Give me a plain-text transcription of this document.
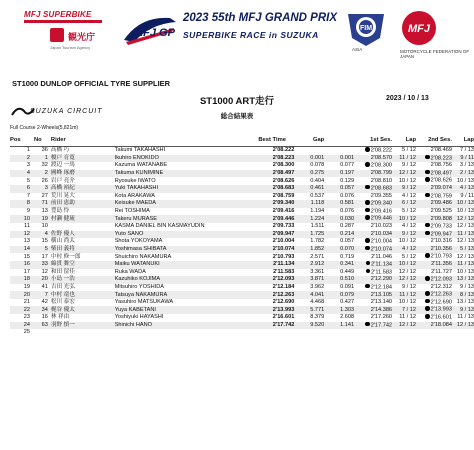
MFJ SUPERBIKE
観光庁
Japan Tourism Agency
MFJ GP
2023 55th MFJ GRAND PRIX
SUPERBIKE RACE in SUZUKA
FIM
ASIA
MFJ
MOTORCYCLE FEDERATION OF JAPAN
ST1000 DUNLOP OFFICIAL TYRE SUPPLIER
ST1000 ART走行	2023 / 10 / 13
総合結果表
SUZUKA CIRCUIT
Full Course 2-Wheels(5,821m)
Pos	No	Rider		Best Time	Gap		1st Ses.	Lap	2nd Ses.	Lap
1	36	高橋 巧	Takumi TAKAHASHI	2'08.222			2'08.222	5 / 12	2'08.469	7 / 13
2	1	榎戸 育寛	Ikuhiro ENOKIDO	2'08.223	0.001	0.001	2'08.570	11 / 12	2'08.223	9 / 11
3	32	渡辺 一馬	Kazuma WATANABE	2'08.300	0.078	0.077	2'08.300	9 / 12	2'08.756	3 / 13
4	2	國峰 琢磨	Takuma KUNIMINE	2'08.497	0.275	0.197	2'08.799	12 / 12	2'08.497	2 / 13
5	26	岩戸 亮介	Ryosuke IWATO	2'08.626	0.404	0.129	2'08.810	10 / 12	2'08.626	10 / 13
6	3	高橋 裕紀	Yuki TAKAHASHI	2'08.683	0.461	0.057	2'08.683	9 / 12	2'09.074	4 / 13
7	27	荒川 晃大	Kota ARAKAWA	2'08.759	0.537	0.076	2'09.355	4 / 12	2'08.759	9 / 11
8	71	前田 恵助	Keisuke MAEDA	2'09.340	1.118	0.581	2'09.340	6 / 12	2'09.486	10 / 13
9	13	豊島 怜	Rei TOSHIMA	2'09.416	1.194	0.076	2'09.416	5 / 12	2'09.525	10 / 13
10	19	村瀬 健琉	Takeru MURASE	2'09.446	1.224	0.030	2'09.446	10 / 12	2'09.808	12 / 12
11	10		KASMA DANIEL BIN KASMAYUDIN	2'09.733	1.511	0.287	2'10.023	4 / 12	2'09.733	12 / 13
12	4	佐野 優人	Yuto SANO	2'09.947	1.725	0.214	2'10.034	9 / 12	2'09.947	11 / 13
13	15	横山 尚太	Shota YOKOYAMA	2'10.004	1.782	0.057	2'10.004	10 / 12	2'10.316	12 / 13
14	5	柴田 義将	Yoshimasa SHIBATA	2'10.074	1.852	0.070	2'10.074	4 / 12	2'10.356	5 / 13
15	17	中村 修一郎	Shuichiro NAKAMURA	2'10.793	2.571	0.719	2'11.046	5 / 12	2'10.793	12 / 13
16	33	綿貫 舞空	Maiku WATANUKI	2'11.134	2.912	0.341	2'11.134	10 / 12	2'11.356	11 / 13
17	12	和田 留佳	Ruka WADA	2'11.583	3.361	0.449	2'11.583	12 / 12	2'11.727	10 / 13
18	20	小島 一浩	Kazuhiko KOJIMA	2'12.093	3.871	0.510	2'12.290	12 / 12	2'12.093	13 / 13
19	41	吉田 光弘	Mitsuhiro YOSHIDA	2'12.184	3.962	0.091	2'12.184	9 / 12	2'12.312	9 / 13
20	7	中村 竜也	Tatsuya NAKAMURA	2'12.263	4.041	0.079	2'13.105	11 / 12	2'12.263	8 / 13
21	42	松川 泰宏	Yasuhiro MATSUKAWA	2'12.690	4.468	0.427	2'13.140	10 / 12	2'12.690	13 / 13
22	34	梶谷 優太	Yuya KABETANI	2'13.993	5.771	1.303	2'14.386	7 / 12	2'13.993	9 / 13
23	16	林 祥由	Yoshiyuki HAYASHI	2'16.601	8.379	2.608	2'17.260	11 / 12	2'16.601	11 / 13
24	63	羽野 慎一	Shinichi HANO	2'17.742	9.520	1.141	2'17.742	12 / 12	2'18.084	12 / 13
25										
